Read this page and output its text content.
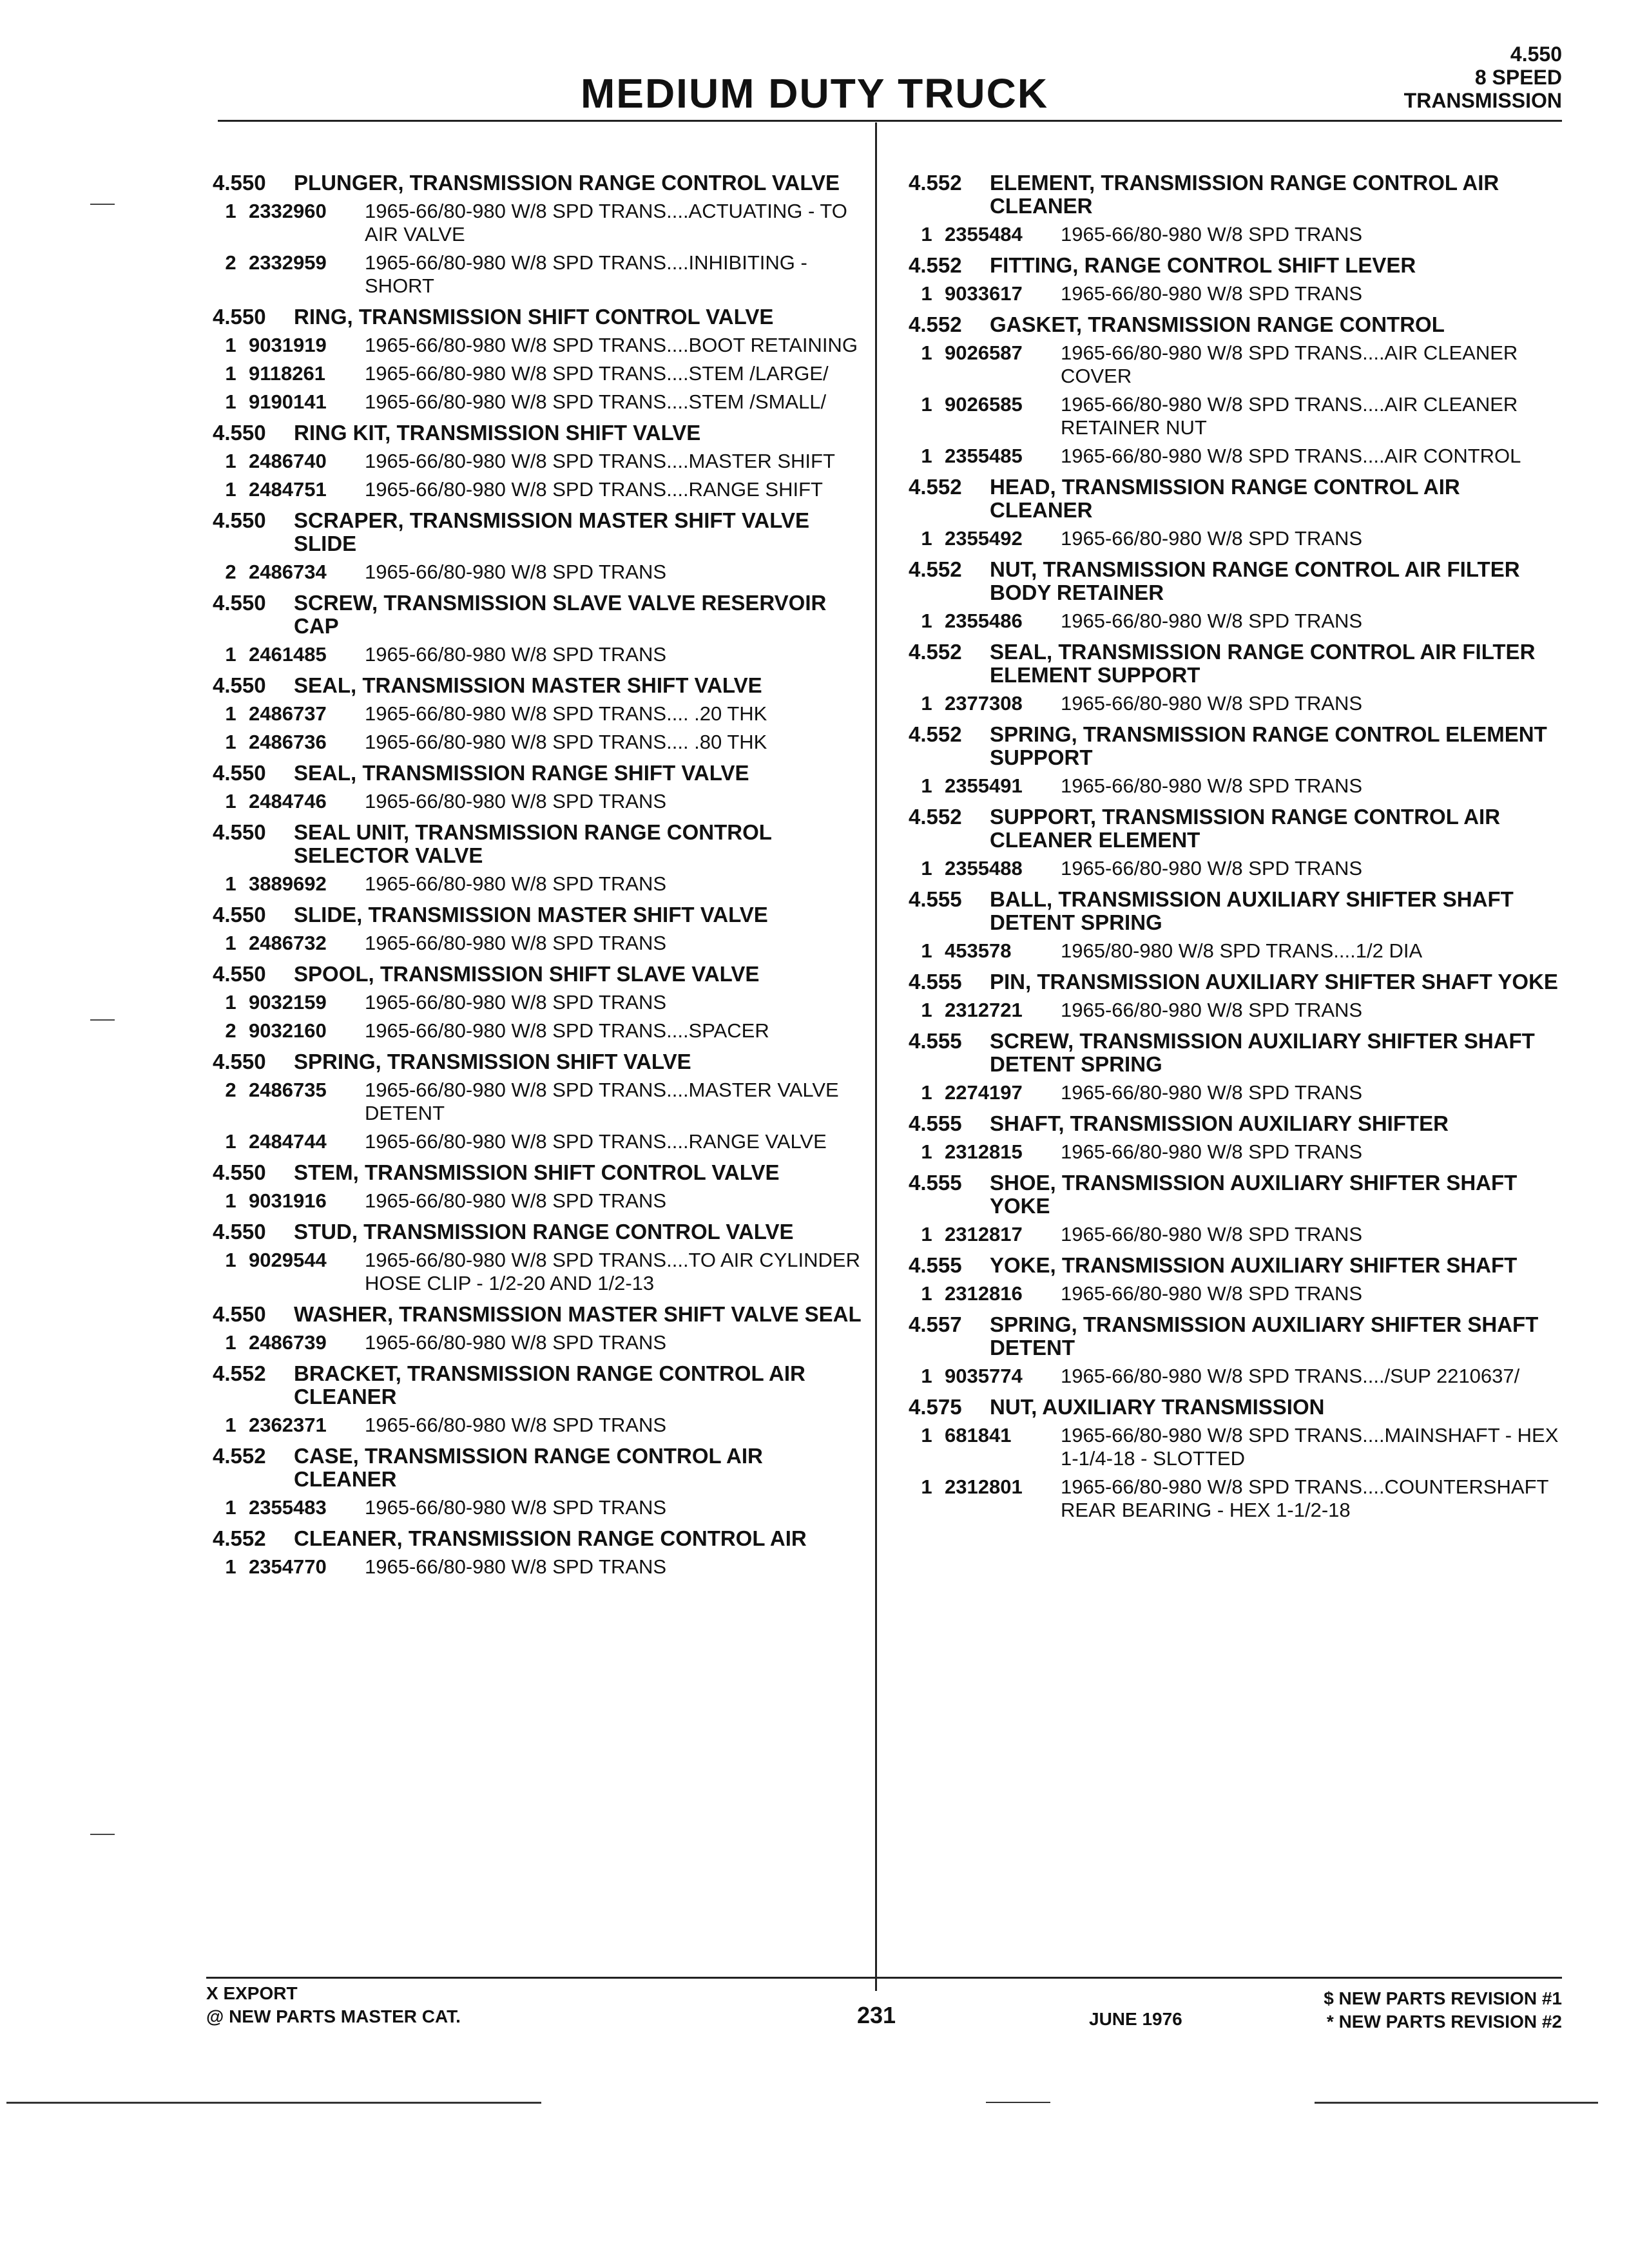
4.550
8 SPEED
TRANSMISSION
MEDIUM DUTY TRUCK
4.550	PLUNGER, TRANSMISSION RANGE CONTROL VALVE
1 2332960	1965-66/80-980 W/8 SPD TRANS....ACTUATING - TO AIR VALVE
2 2332959	1965-66/80-980 W/8 SPD TRANS....INHIBITING - SHORT
4.550	RING, TRANSMISSION SHIFT CONTROL VALVE
1 9031919	1965-66/80-980 W/8 SPD TRANS....BOOT RETAINING
1 9118261	1965-66/80-980 W/8 SPD TRANS....STEM /LARGE/
1 9190141	1965-66/80-980 W/8 SPD TRANS....STEM /SMALL/
4.550	RING KIT, TRANSMISSION SHIFT VALVE
1 2486740	1965-66/80-980 W/8 SPD TRANS....MASTER SHIFT
1 2484751	1965-66/80-980 W/8 SPD TRANS....RANGE SHIFT
4.550	SCRAPER, TRANSMISSION MASTER SHIFT VALVE SLIDE
2 2486734	1965-66/80-980 W/8 SPD TRANS
4.550	SCREW, TRANSMISSION SLAVE VALVE RESERVOIR CAP
1 2461485	1965-66/80-980 W/8 SPD TRANS
4.550	SEAL, TRANSMISSION MASTER SHIFT VALVE
1 2486737	1965-66/80-980 W/8 SPD TRANS.... .20 THK
1 2486736	1965-66/80-980 W/8 SPD TRANS.... .80 THK
4.550	SEAL, TRANSMISSION RANGE SHIFT VALVE
1 2484746	1965-66/80-980 W/8 SPD TRANS
4.550	SEAL UNIT, TRANSMISSION RANGE CONTROL SELECTOR VALVE
1 3889692	1965-66/80-980 W/8 SPD TRANS
4.550	SLIDE, TRANSMISSION MASTER SHIFT VALVE
1 2486732	1965-66/80-980 W/8 SPD TRANS
4.550	SPOOL, TRANSMISSION SHIFT SLAVE VALVE
1 9032159	1965-66/80-980 W/8 SPD TRANS
2 9032160	1965-66/80-980 W/8 SPD TRANS....SPACER
4.550	SPRING, TRANSMISSION SHIFT VALVE
2 2486735	1965-66/80-980 W/8 SPD TRANS....MASTER VALVE DETENT
1 2484744	1965-66/80-980 W/8 SPD TRANS....RANGE VALVE
4.550	STEM, TRANSMISSION SHIFT CONTROL VALVE
1 9031916	1965-66/80-980 W/8 SPD TRANS
4.550	STUD, TRANSMISSION RANGE CONTROL VALVE
1 9029544	1965-66/80-980 W/8 SPD TRANS....TO AIR CYLINDER HOSE CLIP - 1/2-20 AND 1/2-13
4.550	WASHER, TRANSMISSION MASTER SHIFT VALVE SEAL
1 2486739	1965-66/80-980 W/8 SPD TRANS
4.552	BRACKET, TRANSMISSION RANGE CONTROL AIR CLEANER
1 2362371	1965-66/80-980 W/8 SPD TRANS
4.552	CASE, TRANSMISSION RANGE CONTROL AIR CLEANER
1 2355483	1965-66/80-980 W/8 SPD TRANS
4.552	CLEANER, TRANSMISSION RANGE CONTROL AIR
1 2354770	1965-66/80-980 W/8 SPD TRANS
4.552	ELEMENT, TRANSMISSION RANGE CONTROL AIR CLEANER
1 2355484	1965-66/80-980 W/8 SPD TRANS
4.552	FITTING, RANGE CONTROL SHIFT LEVER
1 9033617	1965-66/80-980 W/8 SPD TRANS
4.552	GASKET, TRANSMISSION RANGE CONTROL
1 9026587	1965-66/80-980 W/8 SPD TRANS....AIR CLEANER COVER
1 9026585	1965-66/80-980 W/8 SPD TRANS....AIR CLEANER RETAINER NUT
1 2355485	1965-66/80-980 W/8 SPD TRANS....AIR CONTROL
4.552	HEAD, TRANSMISSION RANGE CONTROL AIR CLEANER
1 2355492	1965-66/80-980 W/8 SPD TRANS
4.552	NUT, TRANSMISSION RANGE CONTROL AIR FILTER BODY RETAINER
1 2355486	1965-66/80-980 W/8 SPD TRANS
4.552	SEAL, TRANSMISSION RANGE CONTROL AIR FILTER ELEMENT SUPPORT
1 2377308	1965-66/80-980 W/8 SPD TRANS
4.552	SPRING, TRANSMISSION RANGE CONTROL ELEMENT SUPPORT
1 2355491	1965-66/80-980 W/8 SPD TRANS
4.552	SUPPORT, TRANSMISSION RANGE CONTROL AIR CLEANER ELEMENT
1 2355488	1965-66/80-980 W/8 SPD TRANS
4.555	BALL, TRANSMISSION AUXILIARY SHIFTER SHAFT DETENT SPRING
1 453578	1965/80-980 W/8 SPD TRANS....1/2 DIA
4.555	PIN, TRANSMISSION AUXILIARY SHIFTER SHAFT YOKE
1 2312721	1965-66/80-980 W/8 SPD TRANS
4.555	SCREW, TRANSMISSION AUXILIARY SHIFTER SHAFT DETENT SPRING
1 2274197	1965-66/80-980 W/8 SPD TRANS
4.555	SHAFT, TRANSMISSION AUXILIARY SHIFTER
1 2312815	1965-66/80-980 W/8 SPD TRANS
4.555	SHOE, TRANSMISSION AUXILIARY SHIFTER SHAFT YOKE
1 2312817	1965-66/80-980 W/8 SPD TRANS
4.555	YOKE, TRANSMISSION AUXILIARY SHIFTER SHAFT
1 2312816	1965-66/80-980 W/8 SPD TRANS
4.557	SPRING, TRANSMISSION AUXILIARY SHIFTER SHAFT DETENT
1 9035774	1965-66/80-980 W/8 SPD TRANS..../SUP 2210637/
4.575	NUT, AUXILIARY TRANSMISSION
1 681841	1965-66/80-980 W/8 SPD TRANS....MAINSHAFT - HEX 1-1/4-18 - SLOTTED
1 2312801	1965-66/80-980 W/8 SPD TRANS....COUNTERSHAFT REAR BEARING - HEX 1-1/2-18
X EXPORT
@ NEW PARTS MASTER CAT.	231	JUNE 1976
$ NEW PARTS REVISION #1
* NEW PARTS REVISION #2
